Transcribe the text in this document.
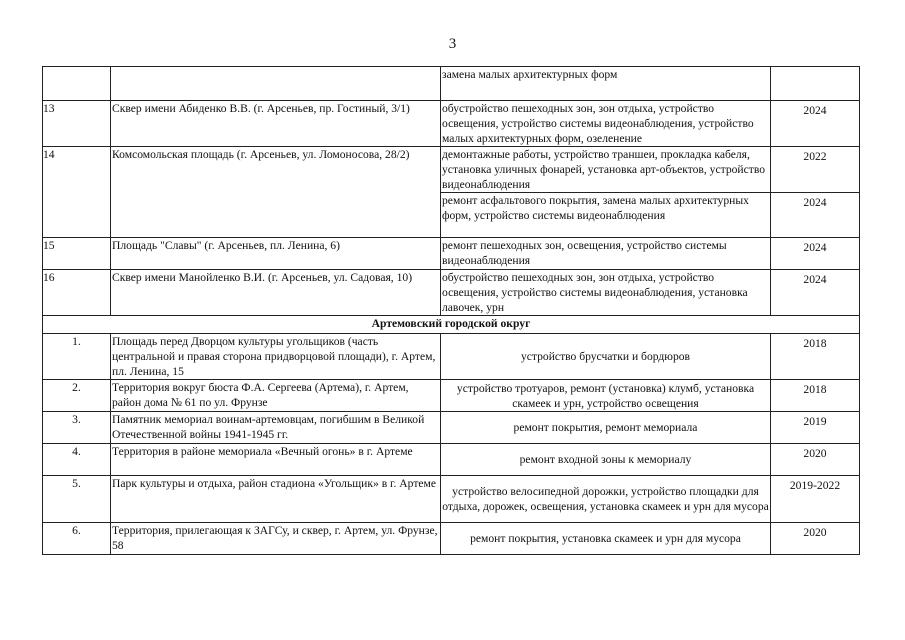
3
		замена малых архитектурных форм	
13	Сквер имени Абиденко В.В. (г. Арсеньев, пр. Гостиный, 3/1)	обустройство пешеходных зон, зон отдыха, устройство освещения, устройство системы видеонаблюдения, устройство малых архитектурных форм, озеленение	2024
14	Комсомольская площадь (г. Арсеньев, ул. Ломоносова, 28/2)	демонтажные работы, устройство траншеи, прокладка кабеля, установка уличных фонарей, установка арт-объектов, устройство видеонаблюдения	2022
		ремонт асфальтового покрытия, замена малых архитектурных форм, устройство системы видеонаблюдения	2024
15	Площадь "Славы" (г. Арсеньев, пл. Ленина, 6)	ремонт пешеходных зон, освещения, устройство системы видеонаблюдения	2024
16	Сквер имени Манойленко В.И. (г. Арсеньев, ул. Садовая, 10)	обустройство пешеходных зон, зон отдыха, устройство освещения, устройство системы видеонаблюдения, установка лавочек, урн	2024
Артемовский городской округ			
1.	Площадь перед Дворцом культуры угольщиков (часть центральной и правая сторона придворцовой площади), г. Артем, пл. Ленина, 15	устройство брусчатки и бордюров	2018
2.	Территория вокруг бюста Ф.А. Сергеева (Артема), г. Артем, район дома № 61 по ул. Фрунзе	устройство тротуаров, ремонт (установка) клумб, установка скамеек и урн, устройство освещения	2018
3.	Памятник мемориал воинам-артемовцам, погибшим в Великой Отечественной войны 1941-1945 гг.	ремонт покрытия, ремонт мемориала	2019
4.	Территория в районе мемориала «Вечный огонь» в г. Артеме	ремонт входной зоны к мемориалу	2020
5.	Парк культуры и отдыха, район стадиона «Угольщик» в г. Артеме	устройство велосипедной дорожки, устройство площадки для отдыха, дорожек, освещения, установка скамеек и урн для мусора	2019-2022
6.	Территория, прилегающая к ЗАГСу, и сквер, г. Артем, ул. Фрунзе, 58	ремонт покрытия, установка скамеек и урн для мусора	2020
